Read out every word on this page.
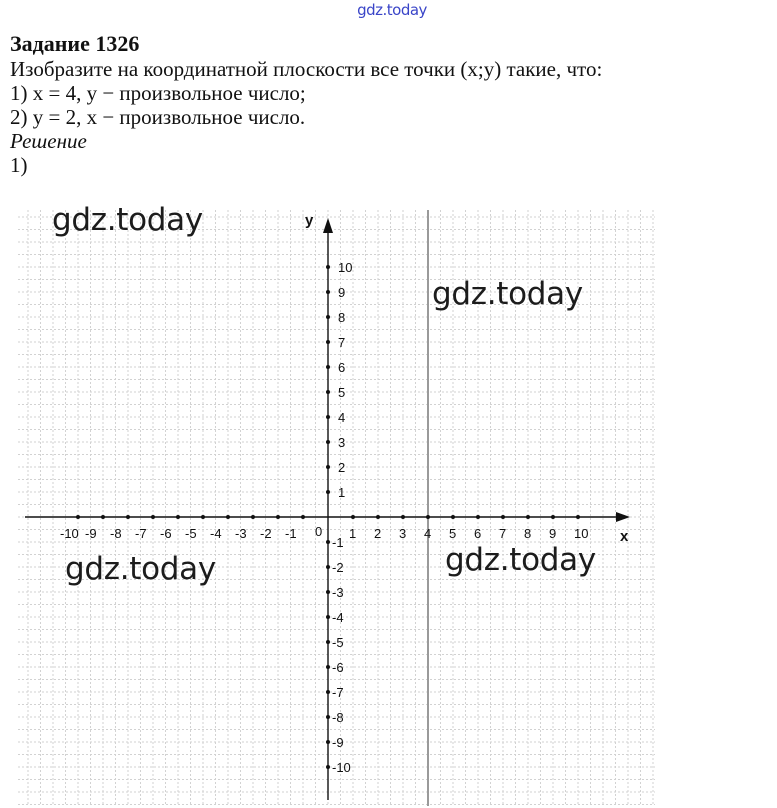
gdz.today

Задание 1326

Изобразите на координатной плоскости все точки (x;y) такие, что:

1) x = 4, y − произвольное число;

2) y = 2, x − произвольное число.

Решение

1)

x
y
0
-10 -9 -8 -7 -6 -5 -4 -3 -2 -1	1 2 3 4 5 6 7 8 9 10
-10
-9
-8
-7
-6
-5
-4
-3
-2
-1
1
2
3
4
5
6
7
8
9
10
gdz.today
gdz.today
gdz.today	gdz.today
